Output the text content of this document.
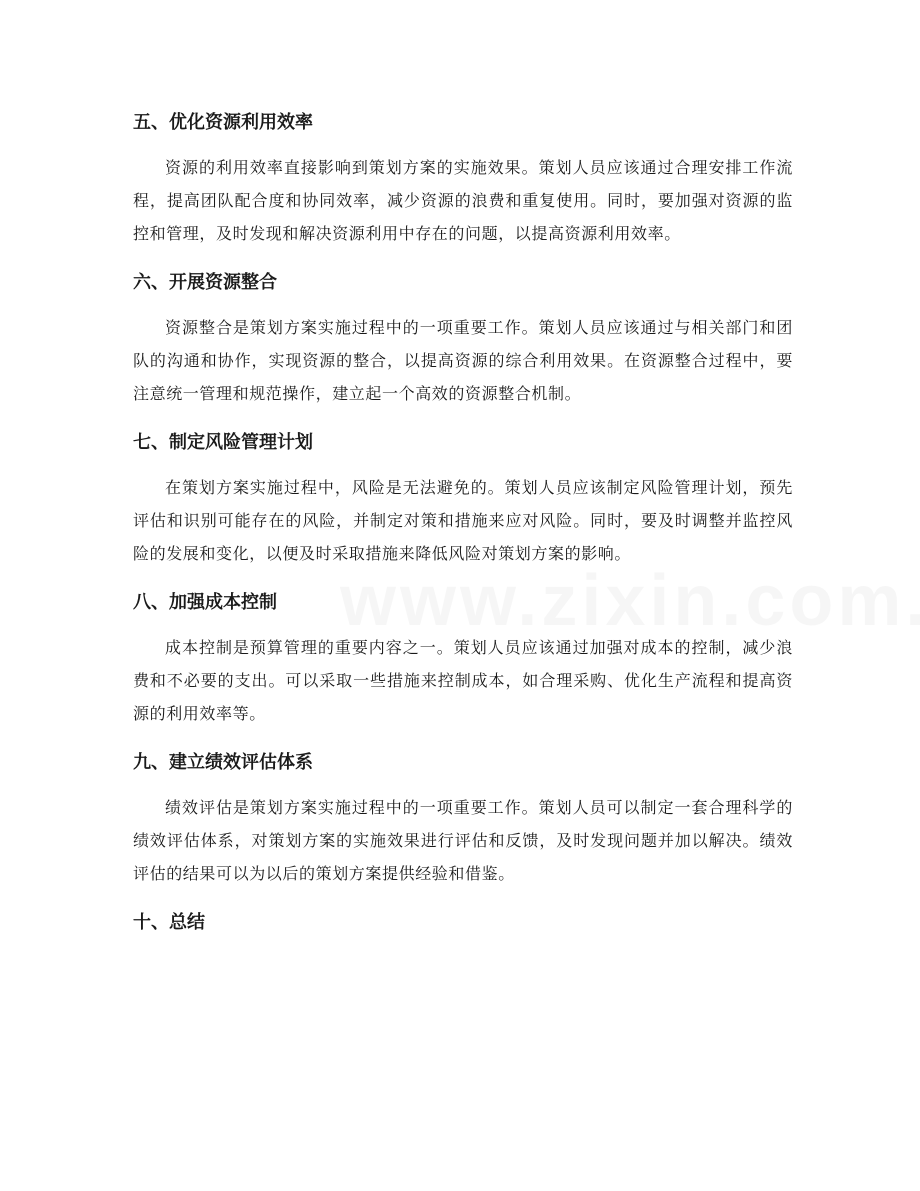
五、优化资源利用效率

资源的利用效率直接影响到策划方案的实施效果。策划人员应该通过合理安排工作流程，提高团队配合度和协同效率，减少资源的浪费和重复使用。同时，要加强对资源的监控和管理，及时发现和解决资源利用中存在的问题，以提高资源利用效率。

六、开展资源整合

资源整合是策划方案实施过程中的一项重要工作。策划人员应该通过与相关部门和团队的沟通和协作，实现资源的整合，以提高资源的综合利用效果。在资源整合过程中，要注意统一管理和规范操作，建立起一个高效的资源整合机制。

七、制定风险管理计划

在策划方案实施过程中，风险是无法避免的。策划人员应该制定风险管理计划，预先评估和识别可能存在的风险，并制定对策和措施来应对风险。同时，要及时调整并监控风险的发展和变化，以便及时采取措施来降低风险对策划方案的影响。

八、加强成本控制

成本控制是预算管理的重要内容之一。策划人员应该通过加强对成本的控制，减少浪费和不必要的支出。可以采取一些措施来控制成本，如合理采购、优化生产流程和提高资源的利用效率等。

九、建立绩效评估体系

绩效评估是策划方案实施过程中的一项重要工作。策划人员可以制定一套合理科学的绩效评估体系，对策划方案的实施效果进行评估和反馈，及时发现问题并加以解决。绩效评估的结果可以为以后的策划方案提供经验和借鉴。

十、总结
